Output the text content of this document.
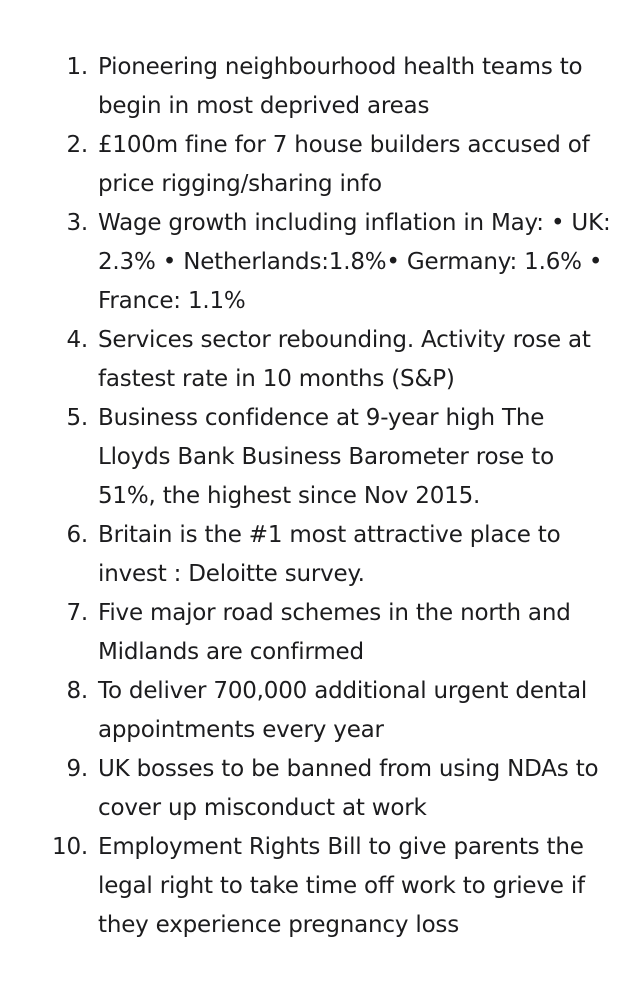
1. Pioneering neighbourhood health teams to begin in most deprived areas
2. £100m fine for 7 house builders accused of price rigging/sharing info
3. Wage growth including inflation in May: • UK: 2.3% • Netherlands:1.8%• Germany: 1.6% • France: 1.1%
4. Services sector rebounding. Activity rose at fastest rate in 10 months (S&P)
5. Business confidence at 9-year high The Lloyds Bank Business Barometer rose to 51%, the highest since Nov 2015.
6. Britain is the #1 most attractive place to invest : Deloitte survey.
7. Five major road schemes in the north and Midlands are confirmed
8. To deliver 700,000 additional urgent dental appointments every year
9. UK bosses to be banned from using NDAs to cover up misconduct at work
10. Employment Rights Bill to give parents the legal right to take time off work to grieve if they experience pregnancy loss
